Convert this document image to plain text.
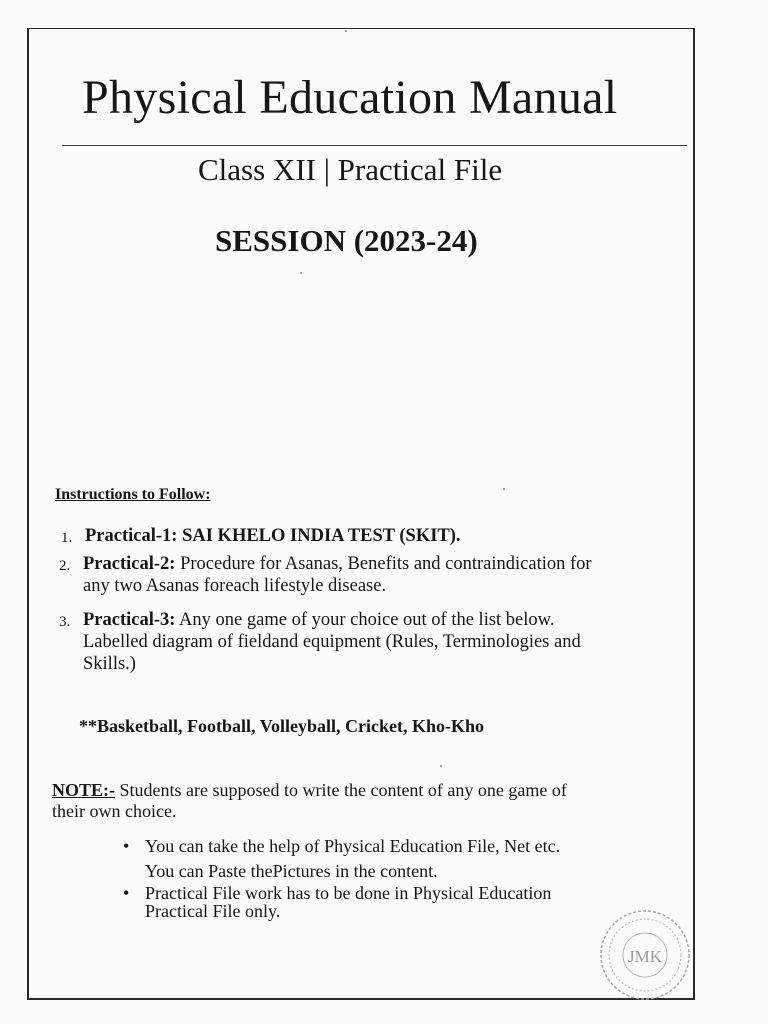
Physical Education Manual
Class XII | Practical File
SESSION (2023-24)
Instructions to Follow:
1. Practical-1: SAI KHELO INDIA TEST (SKIT).
2. Practical-2: Procedure for Asanas, Benefits and contraindication for
any two Asanas foreach lifestyle disease.
3. Practical-3: Any one game of your choice out of the list below.
Labelled diagram of fieldand equipment (Rules, Terminologies and
Skills.)
**Basketball, Football, Volleyball, Cricket, Kho-Kho
NOTE:- Students are supposed to write the content of any one game of
their own choice.
• You can take the help of Physical Education File, Net etc.
You can Paste thePictures in the content.
• Practical File work has to be done in Physical Education
Practical File only.
JMK
